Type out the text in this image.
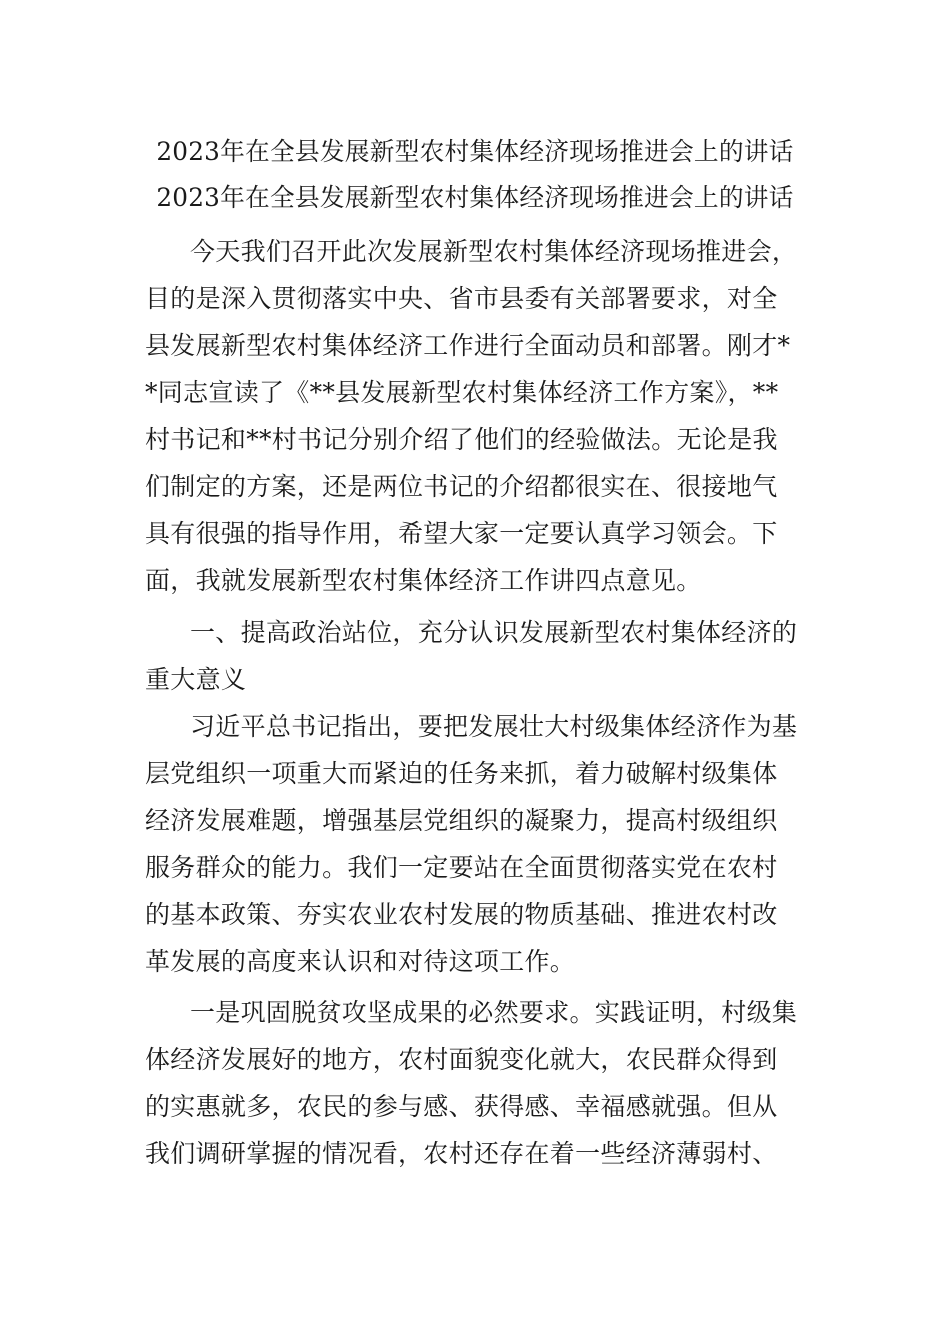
2023年在全县发展新型农村集体经济现场推进会上的讲话
2023年在全县发展新型农村集体经济现场推进会上的讲话
今天我们召开此次发展新型农村集体经济现场推进会，
目的是深入贯彻落实中央、省市县委有关部署要求，对全
县发展新型农村集体经济工作进行全面动员和部署。刚才*
*同志宣读了《**县发展新型农村集体经济工作方案》，**
村书记和**村书记分别介绍了他们的经验做法。无论是我
们制定的方案，还是两位书记的介绍都很实在、很接地气
具有很强的指导作用，希望大家一定要认真学习领会。下
面，我就发展新型农村集体经济工作讲四点意见。
一、提高政治站位，充分认识发展新型农村集体经济的
重大意义
习近平总书记指出，要把发展壮大村级集体经济作为基
层党组织一项重大而紧迫的任务来抓，着力破解村级集体
经济发展难题，增强基层党组织的凝聚力，提高村级组织
服务群众的能力。我们一定要站在全面贯彻落实党在农村
的基本政策、夯实农业农村发展的物质基础、推进农村改
革发展的高度来认识和对待这项工作。
一是巩固脱贫攻坚成果的必然要求。实践证明，村级集
体经济发展好的地方，农村面貌变化就大，农民群众得到
的实惠就多，农民的参与感、获得感、幸福感就强。但从
我们调研掌握的情况看，农村还存在着一些经济薄弱村、
